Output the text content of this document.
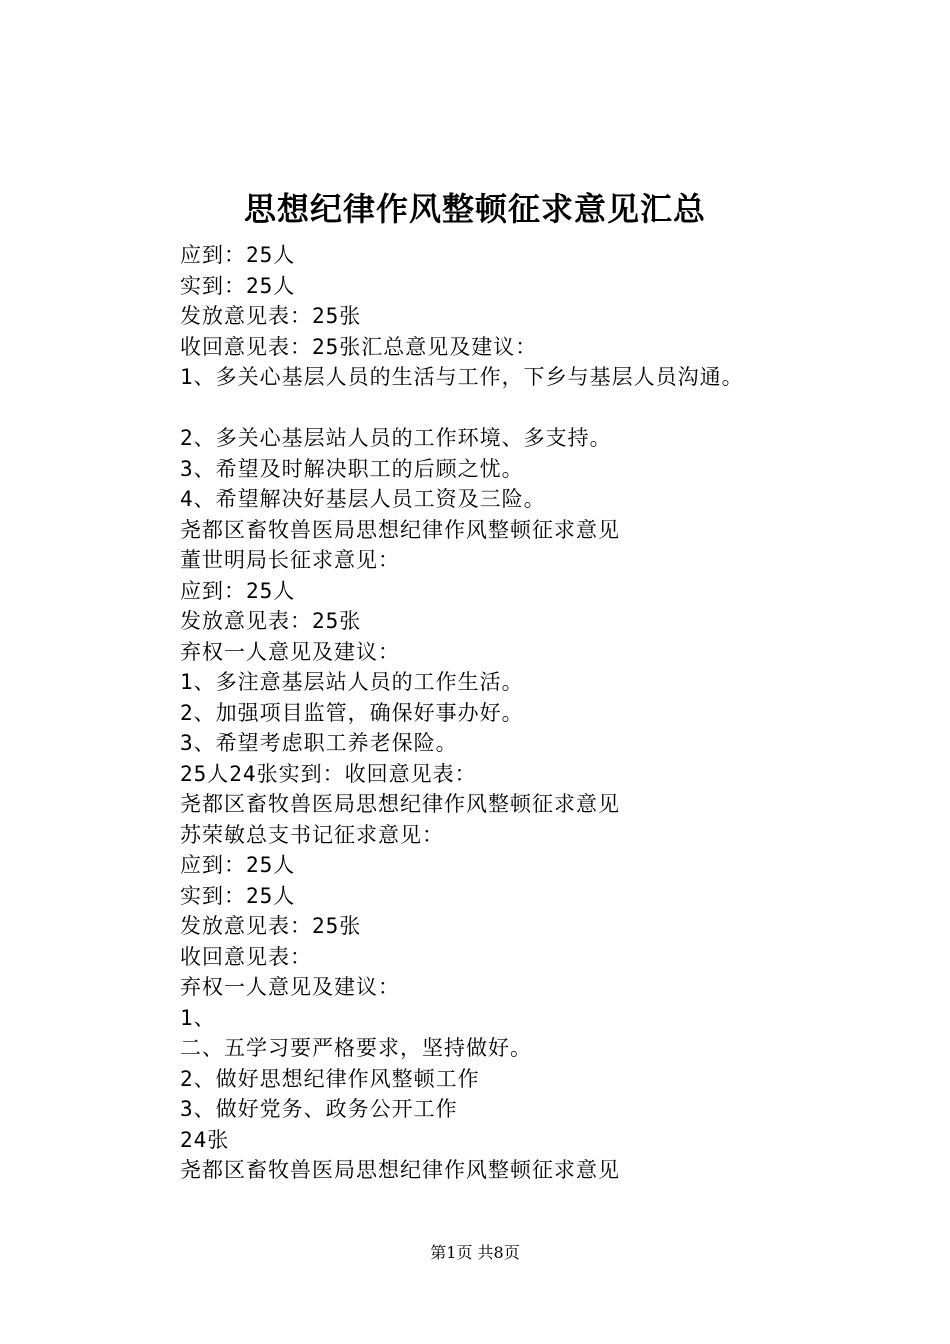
思想纪律作风整顿征求意见汇总
应到：25人
实到：25人
发放意见表：25张
收回意见表：25张汇总意见及建议：
1、多关心基层人员的生活与工作，下乡与基层人员沟通。
2、多关心基层站人员的工作环境、多支持。
3、希望及时解决职工的后顾之忧。
4、希望解决好基层人员工资及三险。
尧都区畜牧兽医局思想纪律作风整顿征求意见
董世明局长征求意见：
应到：25人
发放意见表：25张
弃权一人意见及建议：
1、多注意基层站人员的工作生活。
2、加强项目监管，确保好事办好。
3、希望考虑职工养老保险。
25人24张实到：收回意见表：
尧都区畜牧兽医局思想纪律作风整顿征求意见
苏荣敏总支书记征求意见：
应到：25人
实到：25人
发放意见表：25张
收回意见表：
弃权一人意见及建议：
1、
二、五学习要严格要求，坚持做好。
2、做好思想纪律作风整顿工作
3、做好党务、政务公开工作
24张
尧都区畜牧兽医局思想纪律作风整顿征求意见
第1页 共8页
